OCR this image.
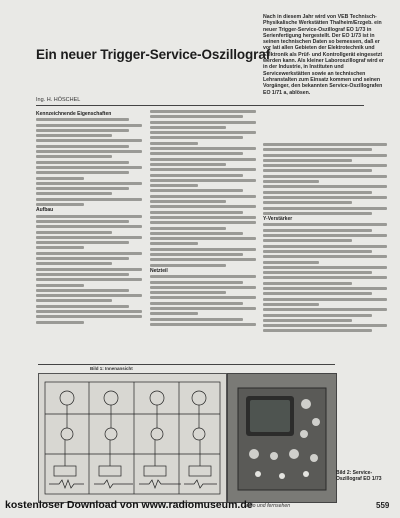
Nach in diesem Jahr wird von VEB Technisch-Physikalische Werkstätten Thalheim/Erzgeb. ein neuer Trigger-Service-Oszillograf EO 1/73 in Serienfertigung hergestellt. Der EO 1/73 ist in seinen technischen Daten so bemessen, daß er vor lati allen Gebieten der Elektrotechnik und Elektronik als Prüf- und Kontrollgerät eingesetzt werden kann. Als kleiner Laboroszillograf wird er in der Industrie, in Instituten und Servicewerkstätten sowie an technischen Lehranstalten zum Einsatz kommen und seinen Vorgänger, den bekannten Service-Oszillografen EO 1/71 a, ablösen.
Ein neuer Trigger-Service-Oszillograf
Ing. H. HÖSCHEL
Kennzeichnende Eigenschaften
Aufbau
Netzteil
Y-Verstärker
Bild 1: Innenansicht
Bild 2: Service-Oszillograf EO 1/73
kostenloser Download von www.radiomuseum.de
radio und fernsehen	559
